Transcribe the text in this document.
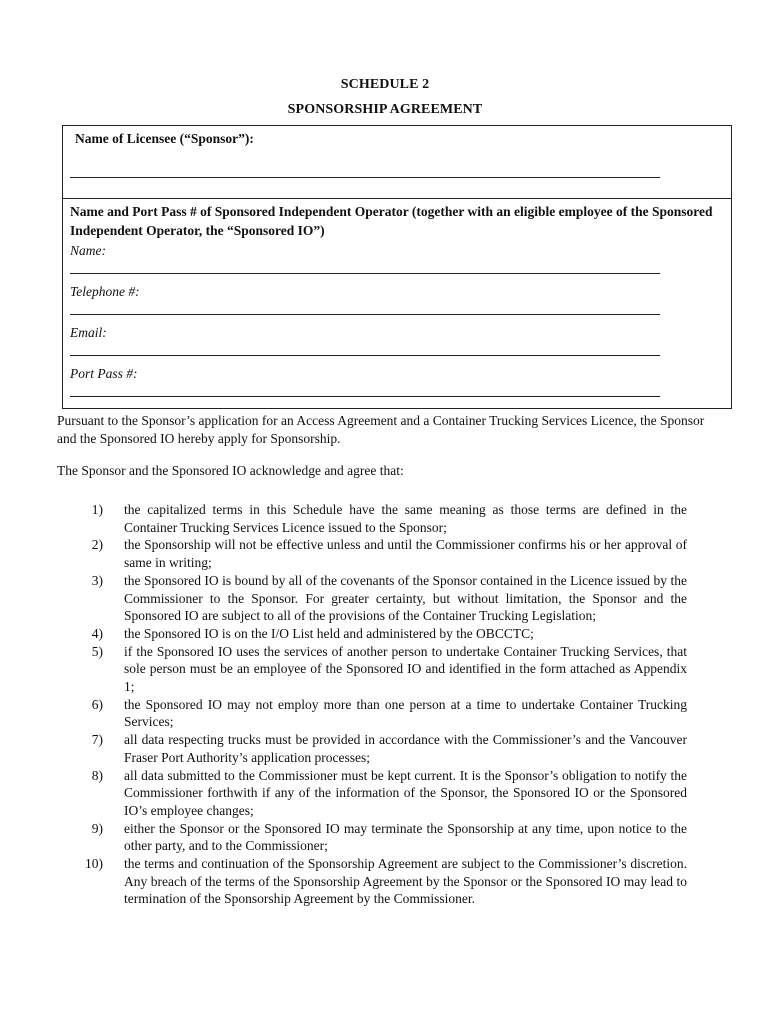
SCHEDULE 2
SPONSORSHIP AGREEMENT
Name of Licensee (“Sponsor”):
Name and Port Pass # of Sponsored Independent Operator (together with an eligible employee of the Sponsored Independent Operator, the “Sponsored IO”)
Name:
Telephone #:
Email:
Port Pass #:
Pursuant to the Sponsor’s application for an Access Agreement and a Container Trucking Services Licence, the Sponsor and the Sponsored IO hereby apply for Sponsorship.
The Sponsor and the Sponsored IO acknowledge and agree that:
1) the capitalized terms in this Schedule have the same meaning as those terms are defined in the Container Trucking Services Licence issued to the Sponsor;
2) the Sponsorship will not be effective unless and until the Commissioner confirms his or her approval of same in writing;
3) the Sponsored IO is bound by all of the covenants of the Sponsor contained in the Licence issued by the Commissioner to the Sponsor. For greater certainty, but without limitation, the Sponsor and the Sponsored IO are subject to all of the provisions of the Container Trucking Legislation;
4) the Sponsored IO is on the I/O List held and administered by the OBCCTC;
5) if the Sponsored IO uses the services of another person to undertake Container Trucking Services, that sole person must be an employee of the Sponsored IO and identified in the form attached as Appendix 1;
6) the Sponsored IO may not employ more than one person at a time to undertake Container Trucking Services;
7) all data respecting trucks must be provided in accordance with the Commissioner’s and the Vancouver Fraser Port Authority’s application processes;
8) all data submitted to the Commissioner must be kept current. It is the Sponsor’s obligation to notify the Commissioner forthwith if any of the information of the Sponsor, the Sponsored IO or the Sponsored IO’s employee changes;
9) either the Sponsor or the Sponsored IO may terminate the Sponsorship at any time, upon notice to the other party, and to the Commissioner;
10) the terms and continuation of the Sponsorship Agreement are subject to the Commissioner’s discretion. Any breach of the terms of the Sponsorship Agreement by the Sponsor or the Sponsored IO may lead to termination of the Sponsorship Agreement by the Commissioner.
